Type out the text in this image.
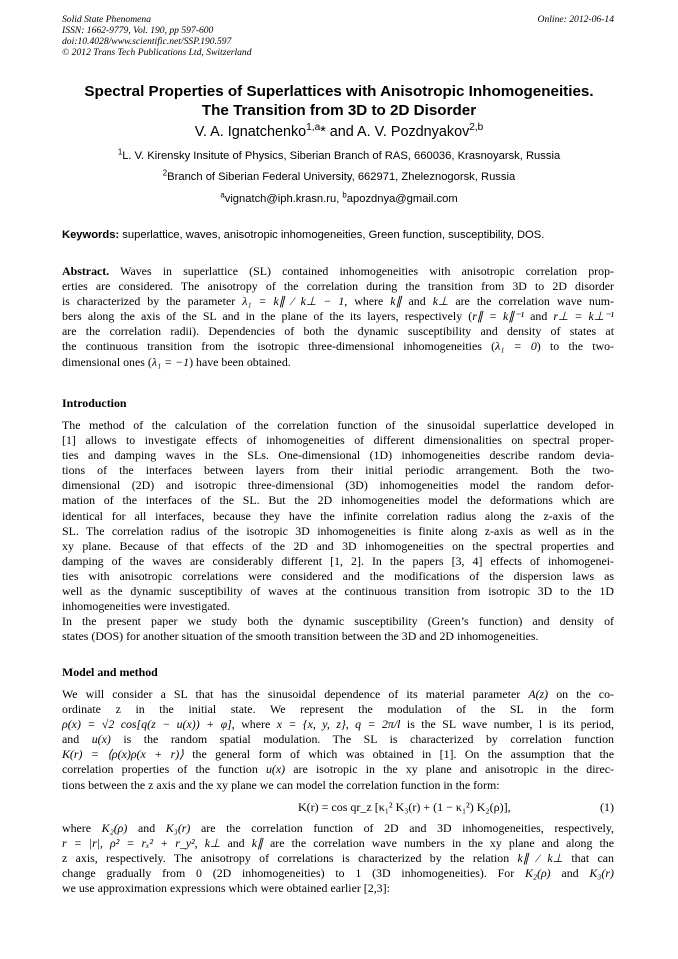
Solid State Phenomena
ISSN: 1662-9779, Vol. 190, pp 597-600
doi:10.4028/www.scientific.net/SSP.190.597
© 2012 Trans Tech Publications Ltd, Switzerland
Online: 2012-06-14
Spectral Properties of Superlattices with Anisotropic Inhomogeneities.
The Transition from 3D to 2D Disorder
V. A. Ignatchenko$^{1,a}$* and A. V. Pozdnyakov$^{2,b}$
$^1$L. V. Kirensky Insitute of Physics, Siberian Branch of RAS, 660036, Krasnoyarsk, Russia
$^2$Branch of Siberian Federal University, 662971, Zheleznogorsk, Russia
$^a$vignatch@iph.krasn.ru, $^b$apozdnya@gmail.com
Keywords: superlattice, waves, anisotropic inhomogeneities, Green function, susceptibility, DOS.
Abstract. Waves in superlattice (SL) contained inhomogeneities with anisotropic correlation prop-
erties are considered. The anisotropy of the correlation during the transition from 3D to 2D disorder
is characterized by the parameter λ₁ = k∥ ⁄ k⊥ − 1, where k∥ and k⊥ are the correlation wave num-
bers along the axis of the SL and in the plane of the its layers, respectively (r∥ = k∥⁻¹ and r⊥ = k⊥⁻¹
are the correlation radii). Dependencies of both the dynamic susceptibility and density of states at
the continuous transition from the isotropic three-dimensional inhomogeneities (λ₁ = 0) to the two-
dimensional ones (λ₁ = −1) have been obtained.
Introduction
The method of the calculation of the correlation function of the sinusoidal superlattice developed in
[1] allows to investigate effects of inhomogeneities of different dimensionalities on spectral proper-
ties and damping waves in the SLs. One-dimensional (1D) inhomogeneities describe random devia-
tions of the interfaces between layers from their initial periodic arrangement. Both the two-
dimensional (2D) and isotropic three-dimensional (3D) inhomogeneities model the random defor-
mation of the interfaces of the SL. But the 2D inhomogeneities model the deformations which are
identical for all interfaces, because they have the infinite correlation radius along the z-axis of the
SL. The correlation radius of the isotropic 3D inhomogeneities is finite along z-axis as well as in the
xy plane. Because of that effects of the 2D and 3D inhomogeneities on the spectral properties and
damping of the waves are considerably different [1, 2]. In the papers [3, 4] effects of inhomogenei-
ties with anisotropic correlations were considered and the modifications of the dispersion laws as
well as the dynamic susceptibility of waves at the continuous transition from isotropic 3D to the 1D
inhomogeneities were investigated.
In the present paper we study both the dynamic susceptibility (Green’s function) and density of
states (DOS) for another situation of the smooth transition between the 3D and 2D inhomogeneities.
Model and method
We will consider a SL that has the sinusoidal dependence of its material parameter A(z) on the co-
ordinate z in the initial state. We represent the modulation of the SL in the form
ρ(x) = √2 cos[q(z − u(x)) + φ], where x = {x, y, z}, q = 2π/l is the SL wave number, l is its period,
and u(x) is the random spatial modulation. The SL is characterized by correlation function
K(r) = ⟨ρ(x)ρ(x + r)⟩ the general form of which was obtained in [1]. On the assumption that the
correlation properties of the function u(x) are isotropic in the xy plane and anisotropic in the direc-
tions between the z axis and the xy plane we can model the correlation function in the form:
K(r) = cos qr_z [κ₁² K₃(r) + (1 − κ₁²) K₂(ρ)],	(1)
where K₂(ρ) and K₃(r) are the correlation function of 2D and 3D inhomogeneities, respectively,
r = |r|, ρ² = rₓ² + r_y², k⊥ and k∥ are the correlation wave numbers in the xy plane and along the
z axis, respectively. The anisotropy of correlations is characterized by the relation k∥ ⁄ k⊥ that can
change gradually from 0 (2D inhomogeneities) to 1 (3D inhomogeneities). For K₂(ρ) and K₃(r)
we use approximation expressions which were obtained earlier [2,3]:
